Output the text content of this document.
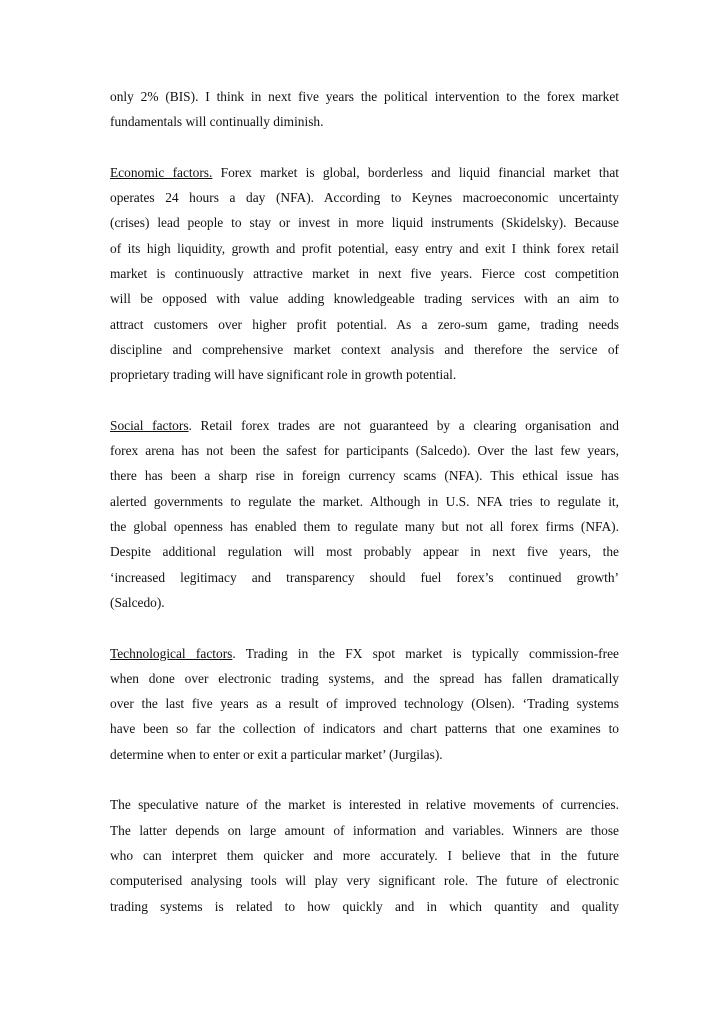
only 2% (BIS). I think in next five years the political intervention to the forex market
fundamentals will continually diminish.
Economic factors. Forex market is global, borderless and liquid financial market that
operates 24 hours a day (NFA). According to Keynes macroeconomic uncertainty
(crises) lead people to stay or invest in more liquid instruments (Skidelsky). Because
of its high liquidity, growth and profit potential, easy entry and exit I think forex retail
market is continuously attractive market in next five years. Fierce cost competition
will be opposed with value adding knowledgeable trading services with an aim to
attract customers over higher profit potential. As a zero-sum game, trading needs
discipline and comprehensive market context analysis and therefore the service of
proprietary trading will have significant role in growth potential.
Social factors. Retail forex trades are not guaranteed by a clearing organisation and
forex arena has not been the safest for participants (Salcedo). Over the last few years,
there has been a sharp rise in foreign currency scams (NFA). This ethical issue has
alerted governments to regulate the market. Although in U.S. NFA tries to regulate it,
the global openness has enabled them to regulate many but not all forex firms (NFA).
Despite additional regulation will most probably appear in next five years, the
‘increased legitimacy and transparency should fuel forex’s continued growth’
(Salcedo).
Technological factors. Trading in the FX spot market is typically commission-free
when done over electronic trading systems, and the spread has fallen dramatically
over the last five years as a result of improved technology (Olsen). ‘Trading systems
have been so far the collection of indicators and chart patterns that one examines to
determine when to enter or exit a particular market’ (Jurgilas).
The speculative nature of the market is interested in relative movements of currencies.
The latter depends on large amount of information and variables. Winners are those
who can interpret them quicker and more accurately. I believe that in the future
computerised analysing tools will play very significant role. The future of electronic
trading systems is related to how quickly and in which quantity and quality
